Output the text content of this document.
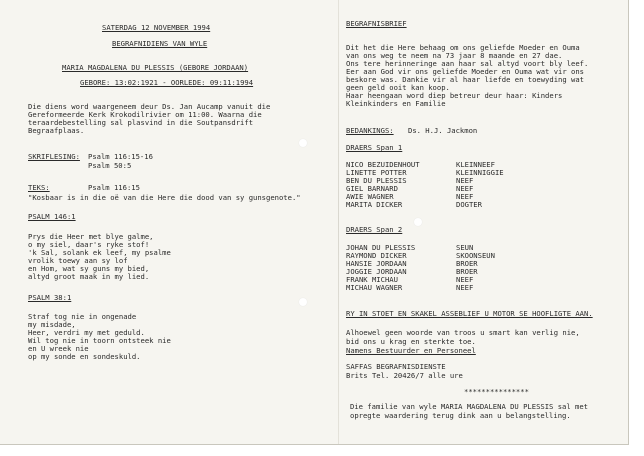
SATERDAG 12 NOVEMBER 1994
BEGRAFNIDIENS VAN WYLE
MARIA MAGDALENA DU PLESSIS (GEBORE JORDAAN)
GEBORE: 13:02:1921 - OORLEDE: 09:11:1994
Die diens word waargeneem deur Ds. Jan Aucamp vanuit die
Gereformeerde Kerk Krokodilrivier om 11:00. Waarna die
teraardebestelling sal plasvind in die Soutpansdrift
Begraafplaas.
SKRIFLESING: Psalm 116:15-16
Psalm 50:5
TEKS:	Psalm 116:15
"Kosbaar is in die oë van die Here die dood van sy gunsgenote."
PSALM 146:1
Prys die Heer met blye galme,
o my siel, daar's ryke stof!
'k Sal, solank ek leef, my psalme
vrolik toewy aan sy lof
en Hom, wat sy guns my bied,
altyd groot maak in my lied.
PSALM 38:1
Straf tog nie in ongenade
my misdade,
Heer, verdri my met geduld.
Wil tog nie in toorn ontsteek nie
en U wreek nie
op my sonde en sondeskuld.
BEGRAFNISBRIEF
Dit het die Here behaag om ons geliefde Moeder en Ouma
van ons weg te neem na 73 jaar 8 maande en 27 dae.
Ons tere herinneringe aan haar sal altyd voort bly leef.
Eer aan God vir ons geliefde Moeder en Ouma wat vir ons
beskore was. Dankie vir al haar liefde en toewyding wat
geen geld ooit kan koop.
Haar heengaan word diep betreur deur haar: Kinders
Kleinkinders en Familie
BEDANKINGS: Ds. H.J. Jackmon
DRAERS Span 1
NICO BEZUIDENHOUT	KLEINNEEF
LINETTE POTTER	KLEINNIGGIE
BEN DU PLESSIS	NEEF
GIEL BARNARD	NEEF
AWIE WAGNER	NEEF
MARITA DICKER	DOGTER
DRAERS Span 2
JOHAN DU PLESSIS	SEUN
RAYMOND DICKER	SKOONSEUN
HANSIE JORDAAN	BROER
JOGGIE JORDAAN	BROER
FRANK MICHAU	NEEF
MICHAU WAGNER	NEEF
RY IN STOET EN SKAKEL ASSEBLIEF U MOTOR SE HOOFLIGTE AAN.
Alhoewel geen woorde van troos u smart kan verlig nie,
bid ons u krag en sterkte toe.
Namens Bestuurder en Personeel
SAFFAS BEGRAFNISDIENSTE
Brits Tel. 20426/7 alle ure
***************
Die familie van wyle MARIA MAGDALENA DU PLESSIS sal met
opregte waardering terug dink aan u belangstelling.
